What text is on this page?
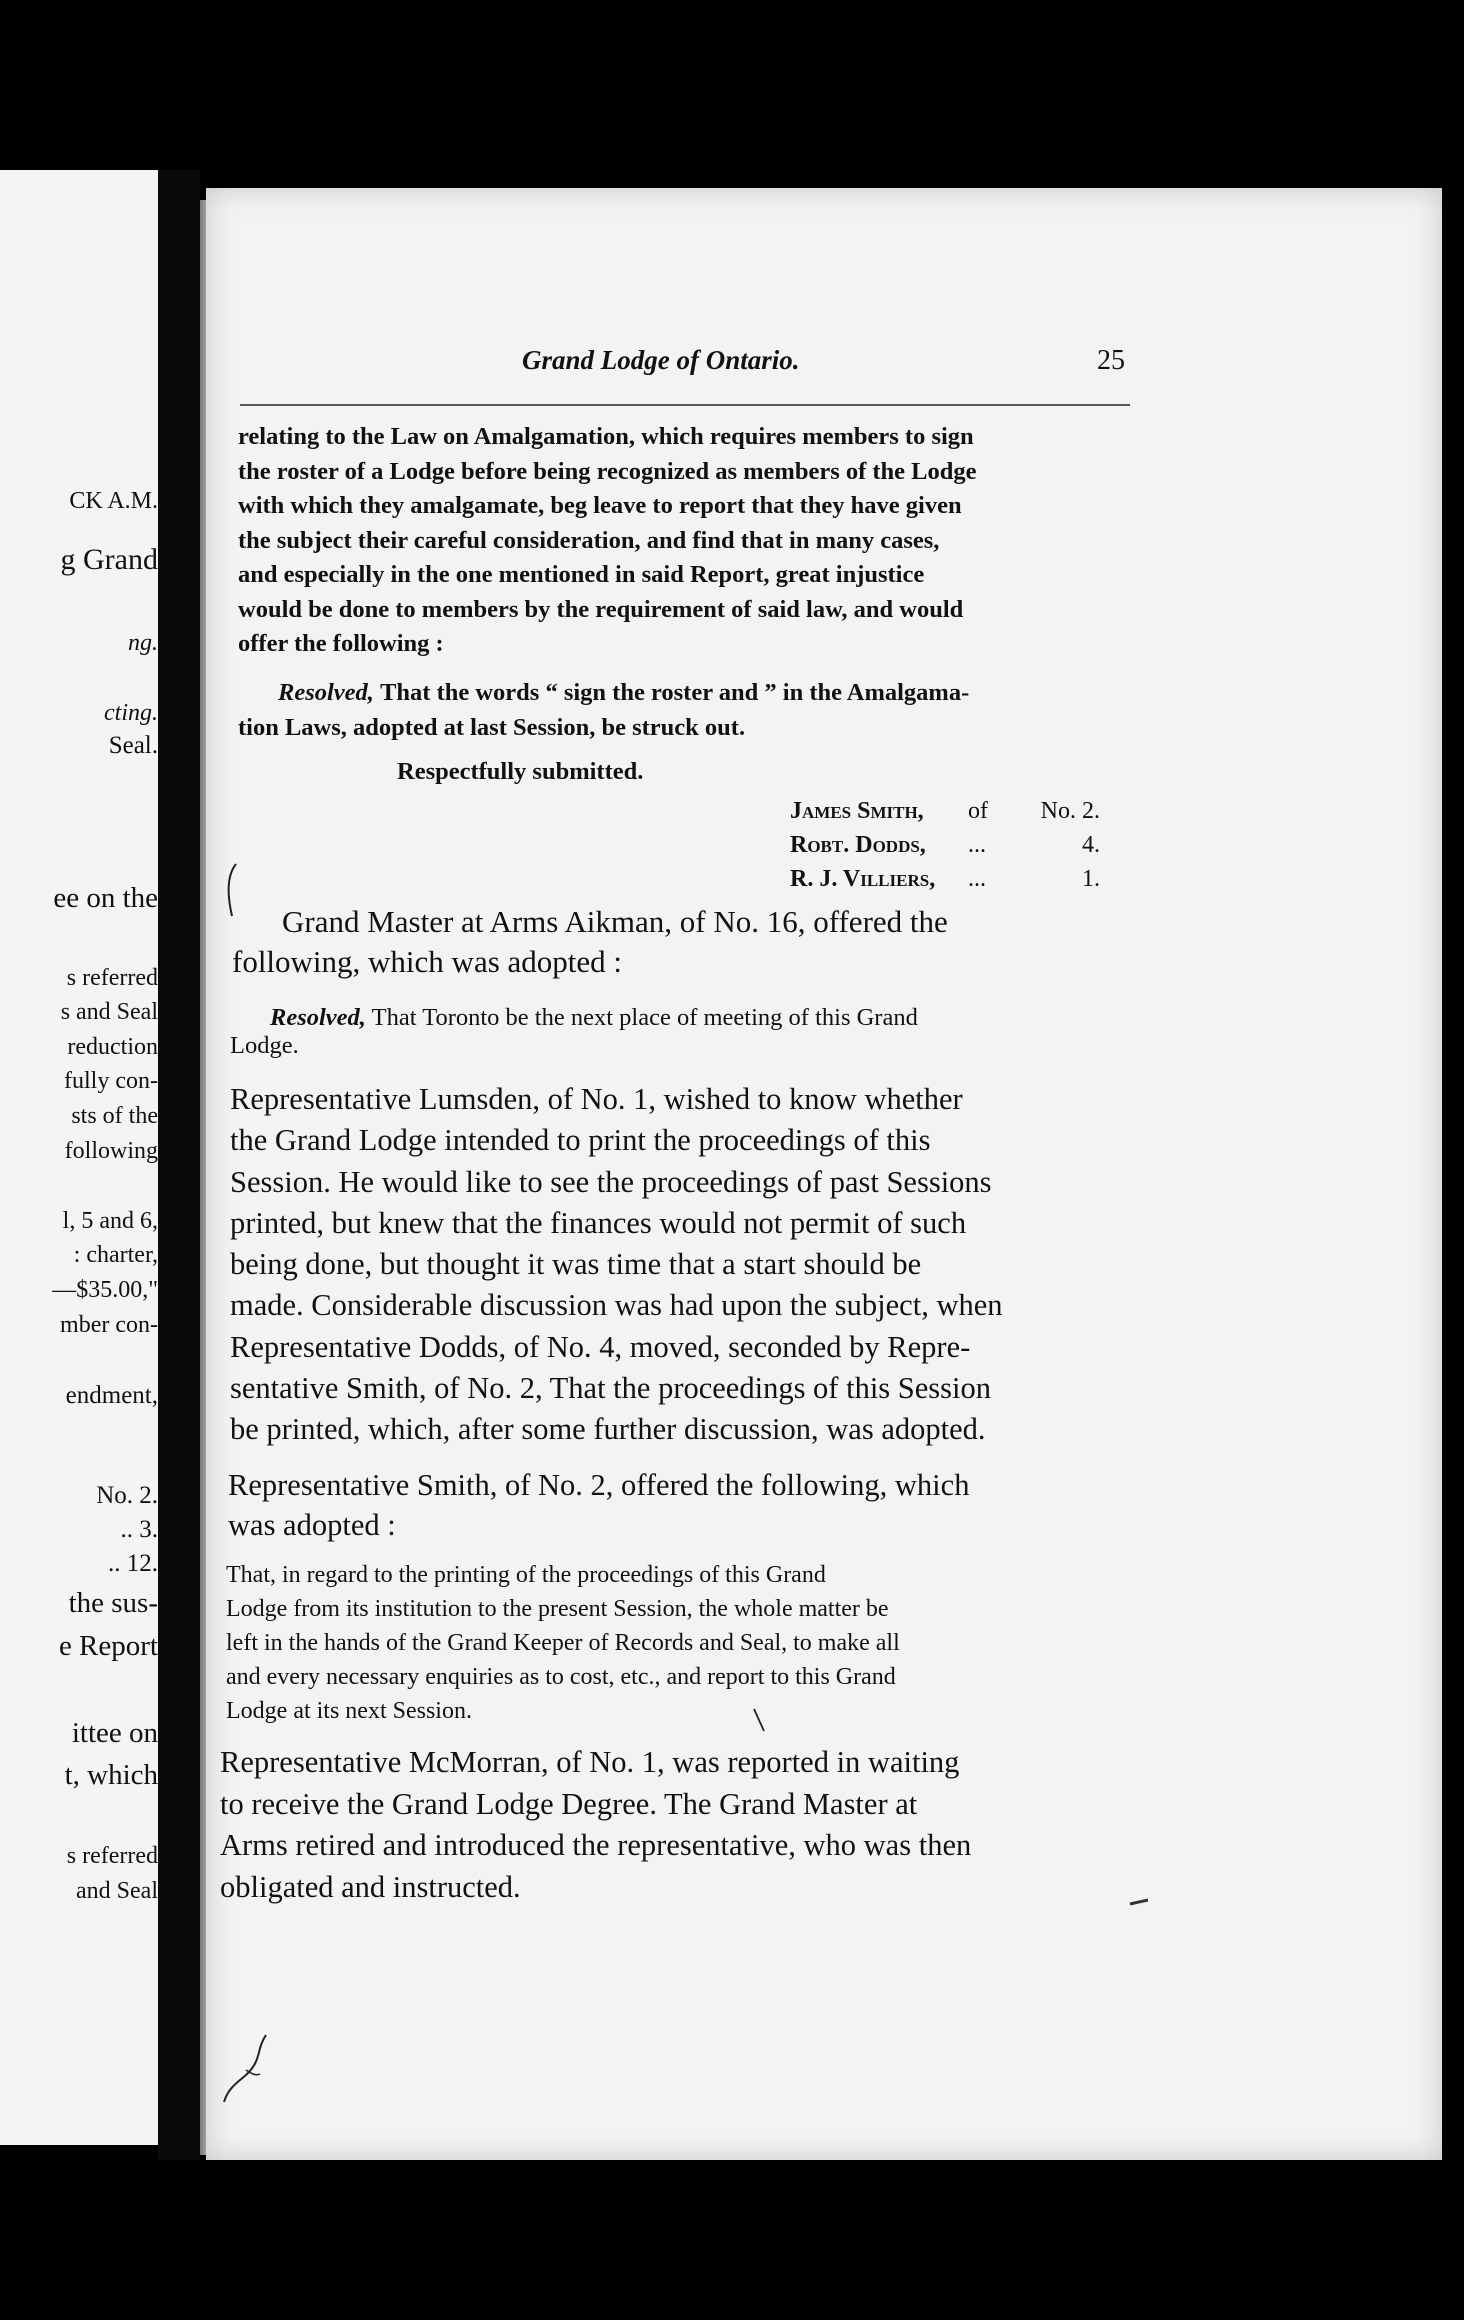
CK A.M.
g Grand
ng.
cting.
Seal.
ee on the
s referred
s and Seal
reduction
fully con-
sts of the
following
l, 5 and 6,
: charter,
—$35.00,"
mber con-
endment,
No. 2.
.. 3.
.. 12.
the sus-
e Report
ittee on
t, which
s referred
and Seal
Grand Lodge of Ontario.	25
relating to the Law on Amalgamation, which requires members to sign
the roster of a Lodge before being recognized as members of the Lodge
with which they amalgamate, beg leave to report that they have given
the subject their careful consideration, and find that in many cases,
and especially in the one mentioned in said Report, great injustice
would be done to members by the requirement of said law, and would
offer the following :
Resolved, That the words “ sign the roster and ” in the Amalgama-
tion Laws, adopted at last Session, be struck out.
Respectfully submitted.
James Smith, of No. 2.
Robt. Dodds, ...	4.
R. J. Villiers, ...	1.
Grand Master at Arms Aikman, of No. 16, offered the
following, which was adopted :
Resolved, That Toronto be the next place of meeting of this Grand
Lodge.
Representative Lumsden, of No. 1, wished to know whether
the Grand Lodge intended to print the proceedings of this
Session. He would like to see the proceedings of past Sessions
printed, but knew that the finances would not permit of such
being done, but thought it was time that a start should be
made. Considerable discussion was had upon the subject, when
Representative Dodds, of No. 4, moved, seconded by Repre-
sentative Smith, of No. 2, That the proceedings of this Session
be printed, which, after some further discussion, was adopted.
Representative Smith, of No. 2, offered the following, which
was adopted :
That, in regard to the printing of the proceedings of this Grand
Lodge from its institution to the present Session, the whole matter be
left in the hands of the Grand Keeper of Records and Seal, to make all
and every necessary enquiries as to cost, etc., and report to this Grand
Lodge at its next Session.
Representative McMorran, of No. 1, was reported in waiting
to receive the Grand Lodge Degree. The Grand Master at
Arms retired and introduced the representative, who was then
obligated and instructed.
